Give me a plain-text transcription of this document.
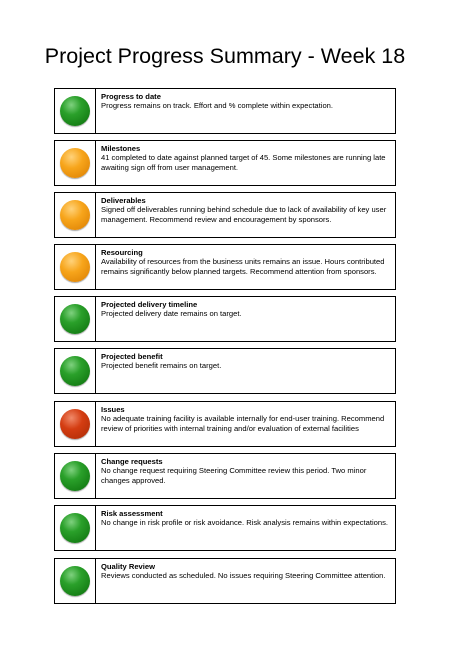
Project Progress Summary - Week 18
Progress to date
Progress remains on track. Effort and % complete within expectation.
Milestones
41 completed to date against planned target of 45. Some milestones are running late awaiting sign off from user management.
Deliverables
Signed off deliverables running behind schedule due to lack of availability of key user management. Recommend review and encouragement by sponsors.
Resourcing
Availability of resources from the business units remains an issue. Hours contributed remains significantly below planned targets. Recommend attention from sponsors.
Projected delivery timeline
Projected delivery date remains on target.
Projected benefit
Projected benefit remains on target.
Issues
No adequate training facility is available internally for end-user training. Recommend review of priorities with internal training and/or evaluation of external facilities
Change requests
No change request requiring Steering Committee review this period. Two minor changes approved.
Risk assessment
No change in risk profile or risk avoidance. Risk analysis remains within expectations.
Quality Review
Reviews conducted as scheduled. No issues requiring Steering Committee attention.
